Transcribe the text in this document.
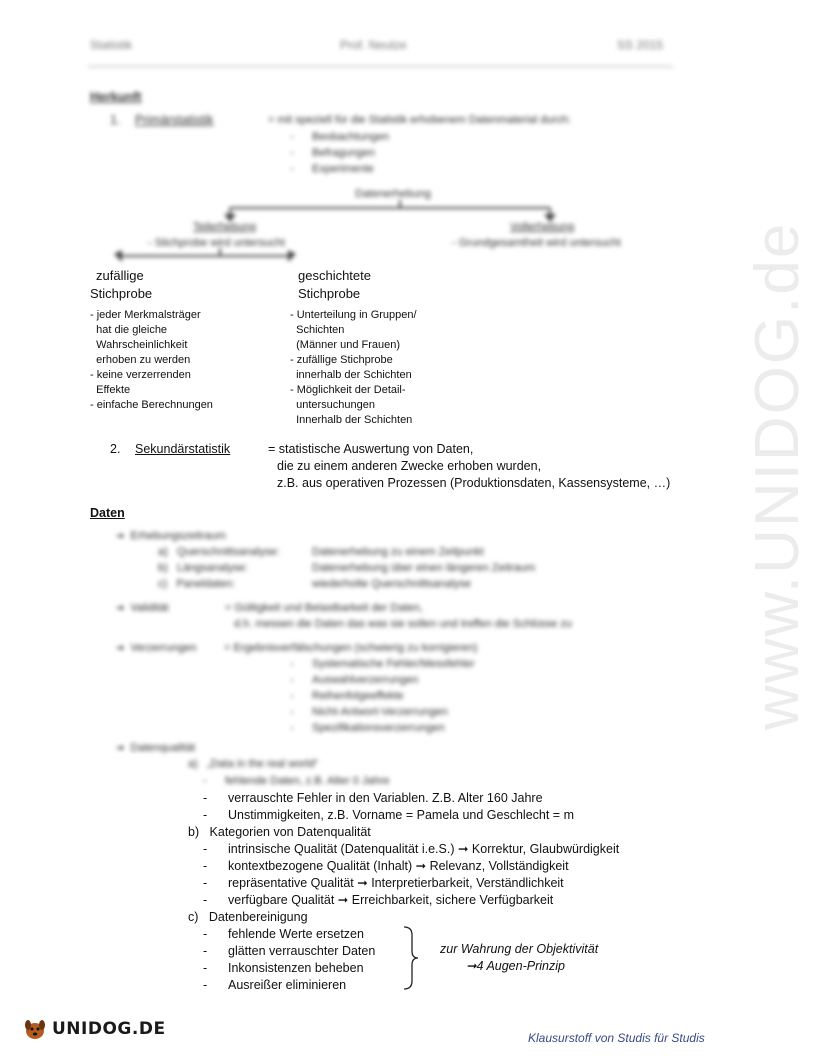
Statistik	Prof. Neutze	SS 2015
www.UNIDOG.de
Herkunft
1. Primärstatistik	= mit speziell für die Statistik erhobenem Datenmaterial durch:
-      Beobachtungen
-      Befragungen
-      Experimente
Datenerhebung
Teilerhebung
- Stichprobe wird untersucht
Vollerhebung
- Grundgesamtheit wird untersucht
zufällige
Stichprobe
geschichtete
Stichprobe
- jeder Merkmalsträger
hat die gleiche
Wahrscheinlichkeit
erhoben zu werden
- keine verzerrenden
Effekte
- einfache Berechnungen
- Unterteilung in Gruppen/
Schichten
(Männer und Frauen)
- zufällige Stichprobe
innerhalb der Schichten
- Möglichkeit der Detail-
untersuchungen
Innerhalb der Schichten
2. Sekundärstatistik	= statistische Auswertung von Daten,
die zu einem anderen Zwecke erhoben wurden,
z.B. aus operativen Prozessen (Produktionsdaten, Kassensysteme, …)
Daten
➔ Erhebungszeitraum
a) Querschnittsanalyse:	Datenerhebung zu einem Zeitpunkt
b) Längsanalyse:	Datenerhebung über einen längeren Zeitraum
c) Paneldaten:	wiederholte Querschnittsanalyse
➔ Validität	= Gültigkeit und Belastbarkeit der Daten,
d.h. messen die Daten das was sie sollen und treffen die Schlüsse zu
➔ Verzerrungen	= Ergebnisverfälschungen (schwierig zu korrigieren)
-      Systematische Fehler/Messfehler
-      Auswahlverzerrungen
-      Reihenfolgeeffekte
-      Nicht-Antwort-Verzerrungen
-      Spezifikationsverzerrungen
➔ Datenqualität
a) „Data in the real world“
-      fehlende Daten, z.B. Alter 0 Jahre
-      verrauschte Fehler in den Variablen. Z.B. Alter 160 Jahre
-      Unstimmigkeiten, z.B. Vorname = Pamela und Geschlecht = m
b) Kategorien von Datenqualität
-      intrinsische Qualität (Datenqualität i.e.S.) ➞ Korrektur, Glaubwürdigkeit
-      kontextbezogene Qualität (Inhalt) ➞ Relevanz, Vollständigkeit
-      repräsentative Qualität ➞ Interpretierbarkeit, Verständlichkeit
-      verfügbare Qualität ➞ Erreichbarkeit, sichere Verfügbarkeit
c) Datenbereinigung
-      fehlende Werte ersetzen
-      glätten verrauschter Daten
-      Inkonsistenzen beheben
-      Ausreißer eliminieren
zur Wahrung der Objektivität
➞4 Augen-Prinzip
UNIDOG.DE	Klausurstoff von Studis für Studis
